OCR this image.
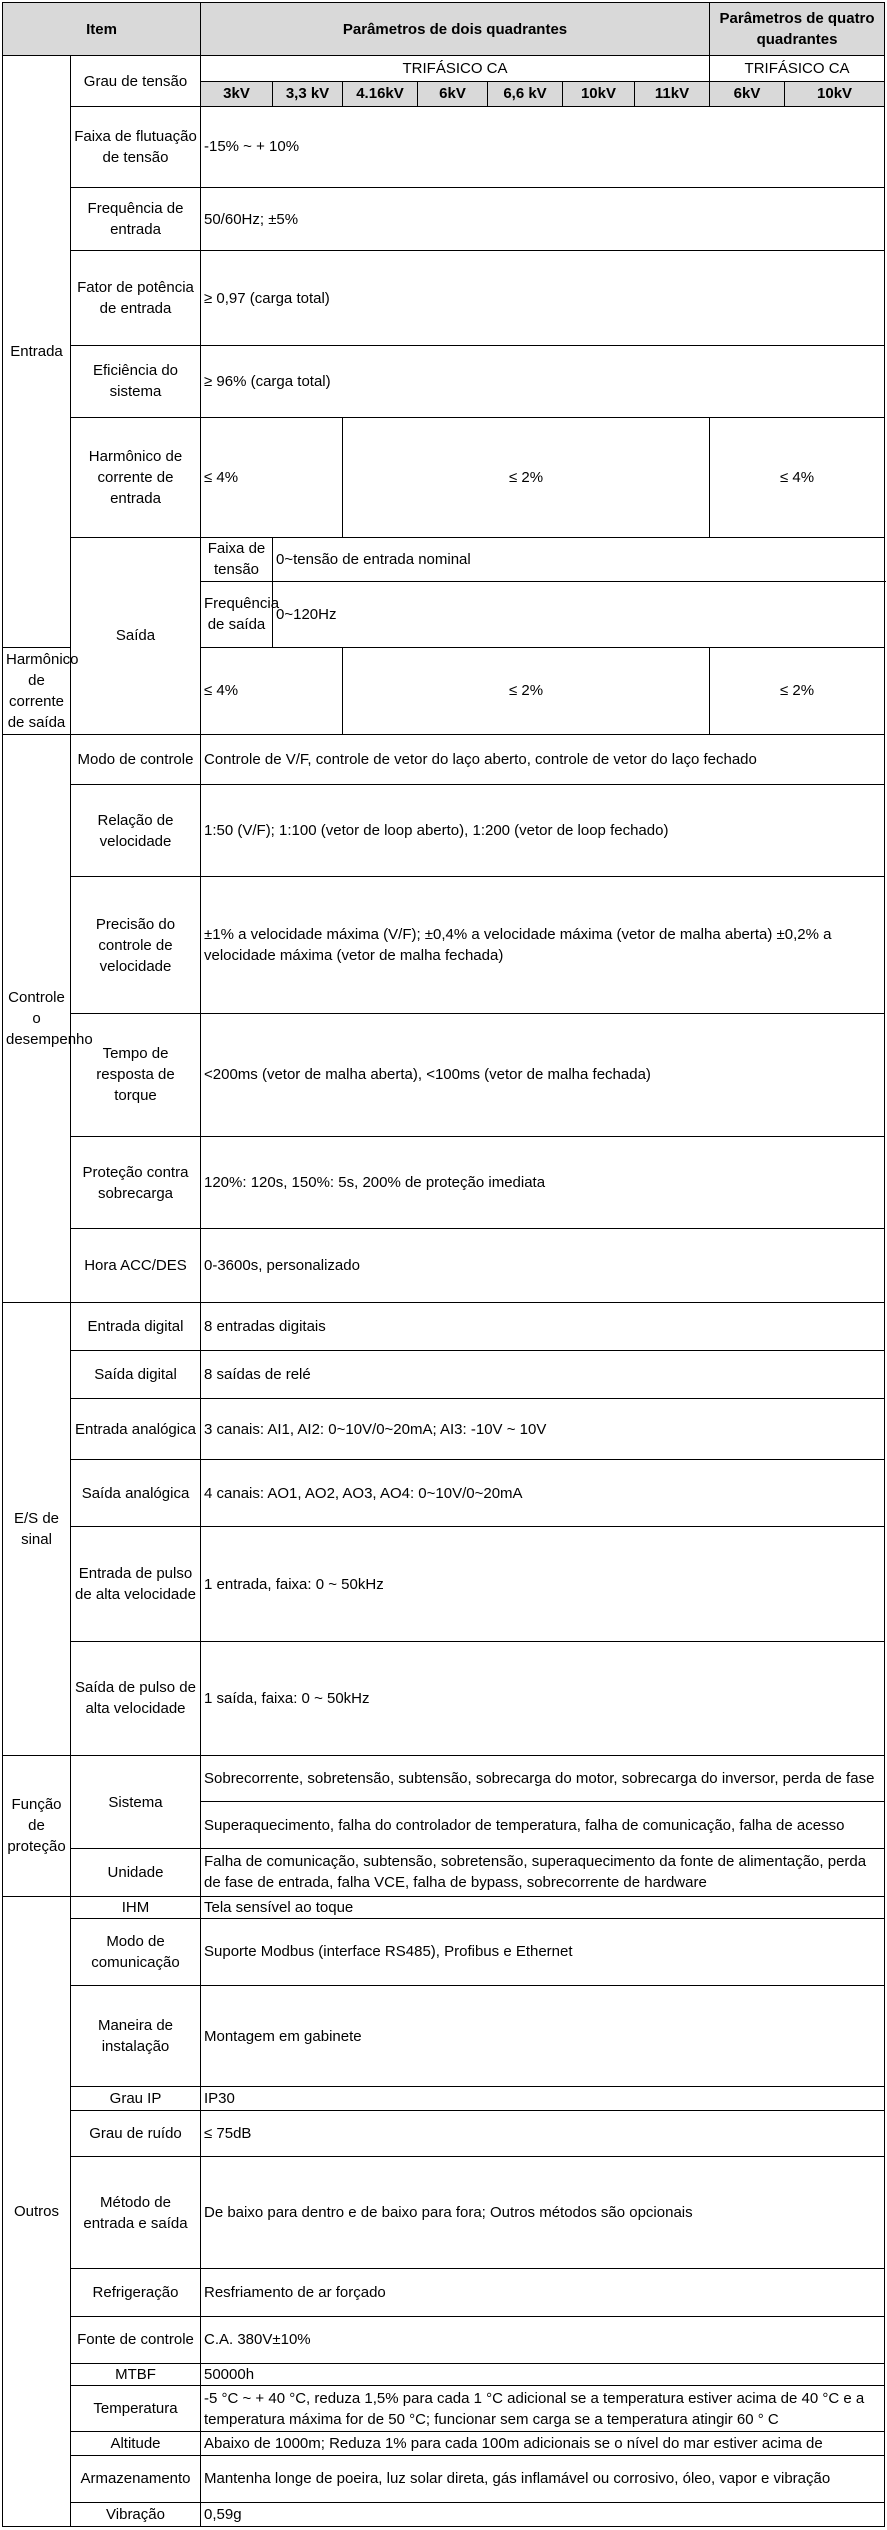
Item		Parâmetros de dois quadrantes							Parâmetros de quatro quadrantes	
Entrada	Grau de tensão	TRIFÁSICO CA							TRIFÁSICO CA	
		3kV	3,3 kV	4.16kV	6kV	6,6 kV	10kV	11kV	6kV	10kV
	Faixa de flutuação de tensão	-15% ~ + 10%								
	Frequência de entrada	50/60Hz; ±5%								
	Fator de potência de entrada	≥ 0,97 (carga total)								
	Eficiência do sistema	≥ 96% (carga total)								
	Harmônico de corrente de entrada	≤ 4%		≤ 2%					≤ 4%	
	Saída	Faixa de tensão	0~tensão de entrada nominal							
		Frequência de saída	0~120Hz							
Harmônico de corrente de saída		≤ 4%		≤ 2%					≤ 2%	
Controle o desempenho	Modo de controle	Controle de V/F, controle de vetor do laço aberto, controle de vetor do laço fechado								
	Relação de velocidade	1:50 (V/F); 1:100 (vetor de loop aberto), 1:200 (vetor de loop fechado)								
	Precisão do controle de velocidade	±1% a velocidade máxima (V/F); ±0,4% a velocidade máxima (vetor de malha aberta) ±0,2% a velocidade máxima (vetor de malha fechada)								
	Tempo de resposta de torque	<200ms (vetor de malha aberta), <100ms (vetor de malha fechada)								
	Proteção contra sobrecarga	120%: 120s, 150%: 5s, 200% de proteção imediata								
	Hora ACC/DES	0-3600s, personalizado								
E/S de sinal	Entrada digital	8 entradas digitais								
	Saída digital	8 saídas de relé								
	Entrada analógica	3 canais: AI1, AI2: 0~10V/0~20mA; AI3: -10V ~ 10V								
	Saída analógica	4 canais: AO1, AO2, AO3, AO4: 0~10V/0~20mA								
	Entrada de pulso de alta velocidade	1 entrada, faixa: 0 ~ 50kHz								
	Saída de pulso de alta velocidade	1 saída, faixa: 0 ~ 50kHz								
Função de proteção	Sistema	Sobrecorrente, sobretensão, subtensão, sobrecarga do motor, sobrecarga do inversor, perda de fase								
		Superaquecimento, falha do controlador de temperatura, falha de comunicação, falha de acesso								
	Unidade	Falha de comunicação, subtensão, sobretensão, superaquecimento da fonte de alimentação, perda de fase de entrada, falha VCE, falha de bypass, sobrecorrente de hardware								
Outros	IHM	Tela sensível ao toque								
	Modo de comunicação	Suporte Modbus (interface RS485), Profibus e Ethernet								
	Maneira de instalação	Montagem em gabinete								
	Grau IP	IP30								
	Grau de ruído	≤ 75dB								
	Método de entrada e saída	De baixo para dentro e de baixo para fora; Outros métodos são opcionais								
	Refrigeração	Resfriamento de ar forçado								
	Fonte de controle	C.A. 380V±10%								
	MTBF	50000h								
	Temperatura	-5 °C ~ + 40 °C, reduza 1,5% para cada 1 °C adicional se a temperatura estiver acima de 40 °C e a temperatura máxima for de 50 °C; funcionar sem carga se a temperatura atingir 60 ° C								
	Altitude	Abaixo de 1000m; Reduza 1% para cada 100m adicionais se o nível do mar estiver acima de								
	Armazenamento	Mantenha longe de poeira, luz solar direta, gás inflamável ou corrosivo, óleo, vapor e vibração								
	Vibração	0,59g								
